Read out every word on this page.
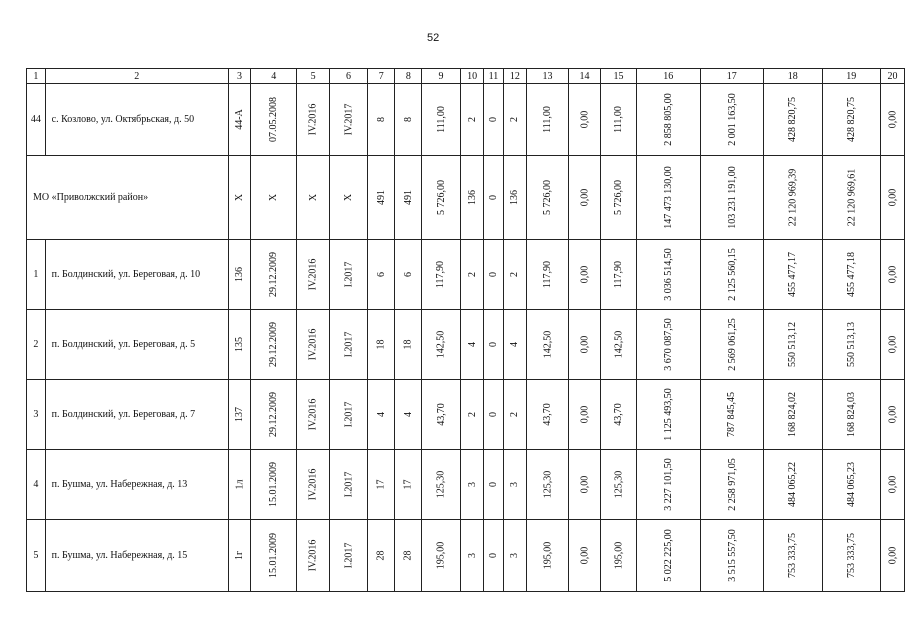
52
1	2	3	4	5	6	7	8	9	10	11	12	13	14	15	16	17	18	19	20
44	с. Козлово, ул. Октябрьская, д. 50	44-А	07.05.2008	IV.2016	IV.2017	8	8	111,00	2	0	2	111,00	0,00	111,00	2 858 805,00	2 001 163,50	428 820,75	428 820,75	0,00
МО «Приволжский район»		Х	Х	Х	Х	491	491	5 726,00	136	0	136	5 726,00	0,00	5 726,00	147 473 130,00	103 231 191,00	22 120 969,39	22 120 969,61	0,00
1	п. Болдинский, ул. Береговая, д. 10	136	29.12.2009	IV.2016	I.2017	6	6	117,90	2	0	2	117,90	0,00	117,90	3 036 514,50	2 125 560,15	455 477,17	455 477,18	0,00
2	п. Болдинский, ул. Береговая, д. 5	135	29.12.2009	IV.2016	I.2017	18	18	142,50	4	0	4	142,50	0,00	142,50	3 670 087,50	2 569 061,25	550 513,12	550 513,13	0,00
3	п. Болдинский, ул. Береговая, д. 7	137	29.12.2009	IV.2016	I.2017	4	4	43,70	2	0	2	43,70	0,00	43,70	1 125 493,50	787 845,45	168 824,02	168 824,03	0,00
4	п. Бушма, ул. Набережная, д. 13	1л	15.01.2009	IV.2016	I.2017	17	17	125,30	3	0	3	125,30	0,00	125,30	3 227 101,50	2 258 971,05	484 065,22	484 065,23	0,00
5	п. Бушма, ул. Набережная, д. 15	1г	15.01.2009	IV.2016	I.2017	28	28	195,00	3	0	3	195,00	0,00	195,00	5 022 225,00	3 515 557,50	753 333,75	753 333,75	0,00
